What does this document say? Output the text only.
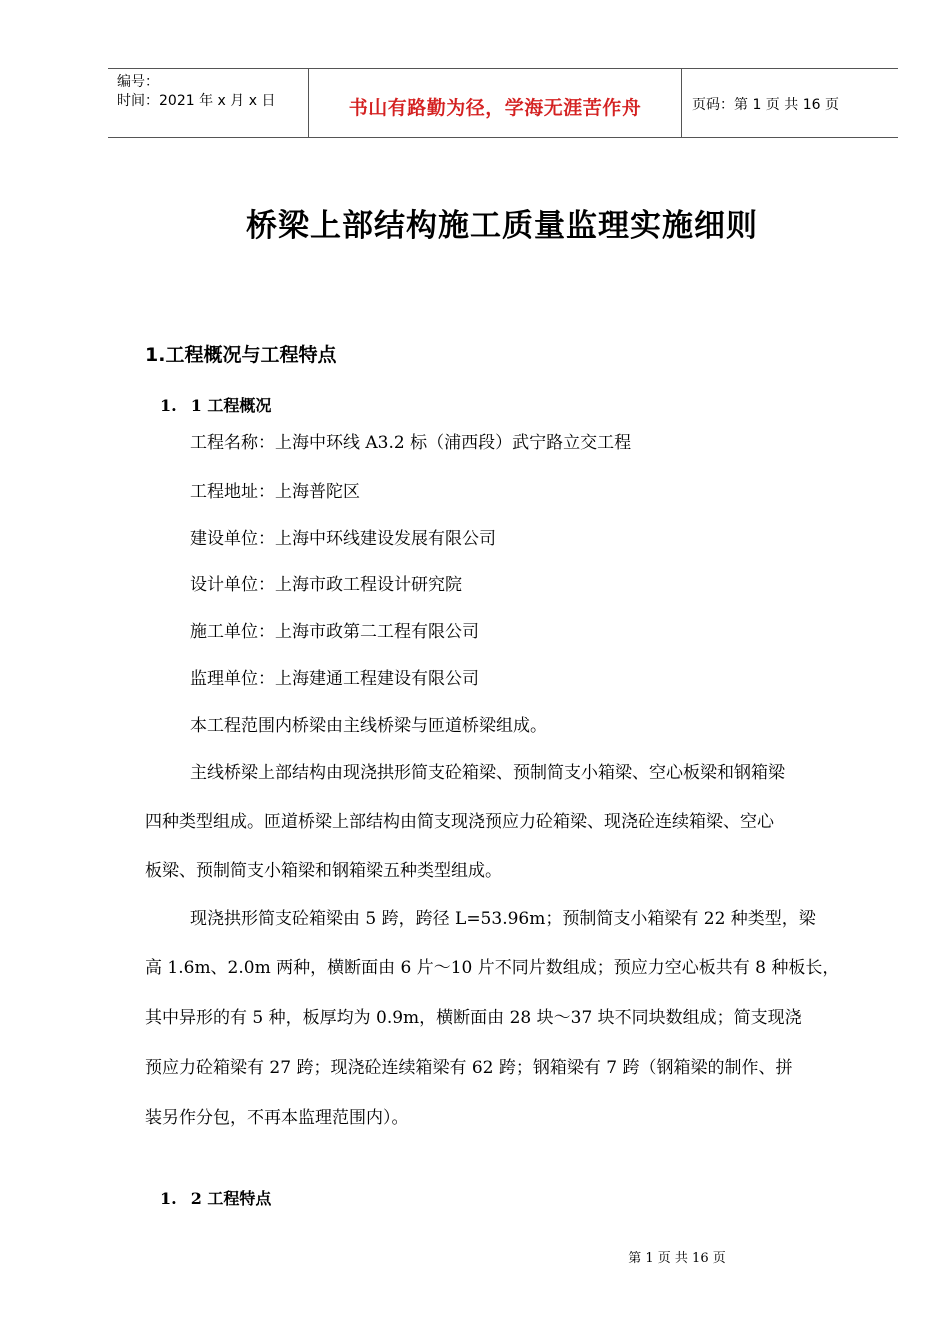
编号：
时间：2021 年 x 月 x 日	书山有路勤为径，学海无涯苦作舟	页码：第 1 页 共 16 页
桥梁上部结构施工质量监理实施细则
1.工程概况与工程特点
1. 1 工程概况
工程名称：上海中环线 A3.2 标（浦西段）武宁路立交工程
工程地址：上海普陀区
建设单位：上海中环线建设发展有限公司
设计单位：上海市政工程设计研究院
施工单位：上海市政第二工程有限公司
监理单位：上海建通工程建设有限公司
本工程范围内桥梁由主线桥梁与匝道桥梁组成。
主线桥梁上部结构由现浇拱形简支砼箱梁、预制简支小箱梁、空心板梁和钢箱梁
四种类型组成。匝道桥梁上部结构由简支现浇预应力砼箱梁、现浇砼连续箱梁、空心
板梁、预制简支小箱梁和钢箱梁五种类型组成。
现浇拱形简支砼箱梁由 5 跨，跨径 L=53.96m；预制简支小箱梁有 22 种类型，梁
高 1.6m、2.0m 两种，横断面由 6 片～10 片不同片数组成；预应力空心板共有 8 种板长，
其中异形的有 5 种，板厚均为 0.9m，横断面由 28 块～37 块不同块数组成；简支现浇
预应力砼箱梁有 27 跨；现浇砼连续箱梁有 62 跨；钢箱梁有 7 跨（钢箱梁的制作、拼
装另作分包，不再本监理范围内）。
1. 2 工程特点
第 1 页 共 16 页
